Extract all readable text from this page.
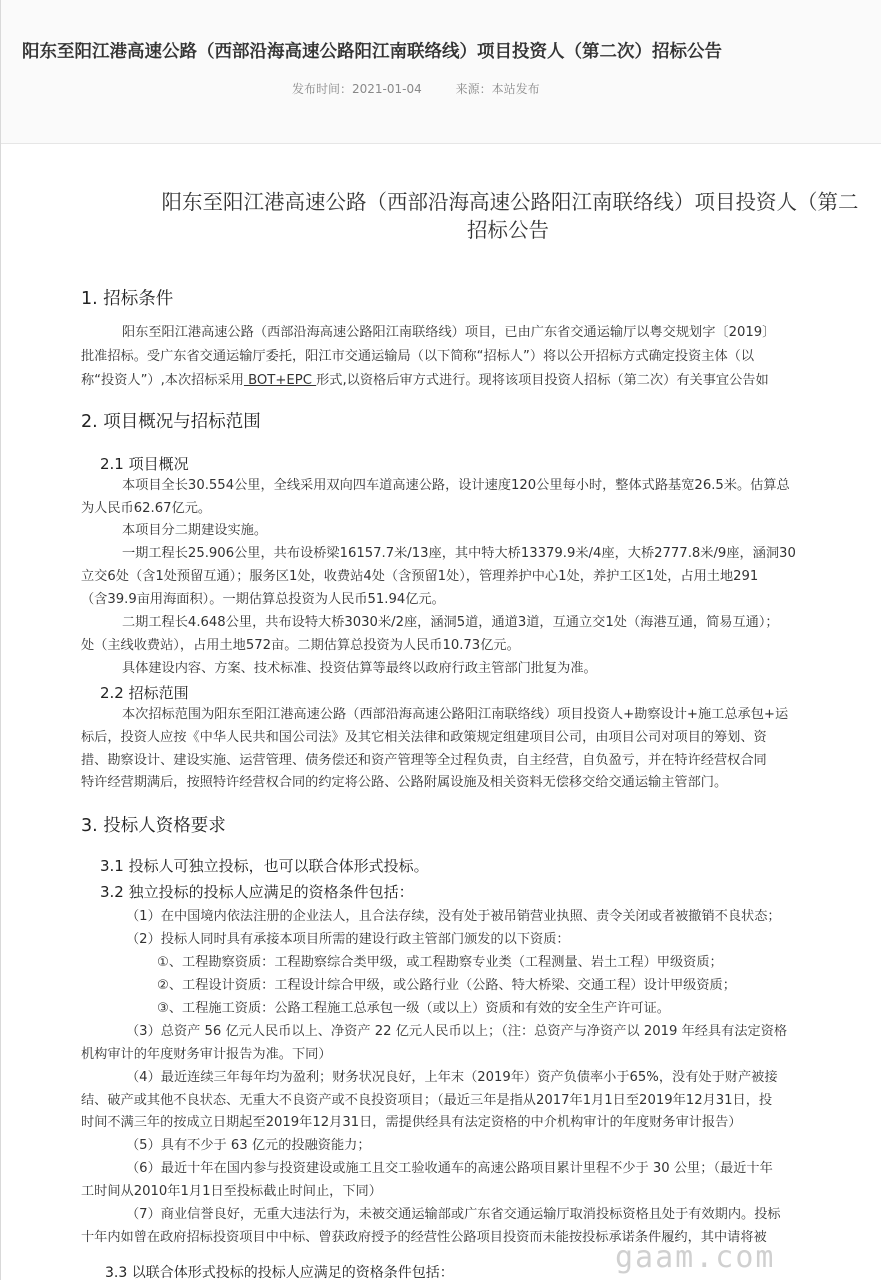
阳东至阳江港高速公路（西部沿海高速公路阳江南联络线）项目投资人（第二次）招标公告
发布时间：2021-01-04	来源：本站发布
阳东至阳江港高速公路（西部沿海高速公路阳江南联络线）项目投资人（第二
招标公告
1. 招标条件
阳东至阳江港高速公路（西部沿海高速公路阳江南联络线）项目，已由广东省交通运输厅以粤交规划字〔2019〕
批准招标。受广东省交通运输厅委托，阳江市交通运输局（以下简称“招标人”）将以公开招标方式确定投资主体（以
称“投资人”）,本次招标采用 BOT+EPC 形式,以资格后审方式进行。现将该项目投资人招标（第二次）有关事宜公告如
2. 项目概况与招标范围
2.1 项目概况
本项目全长30.554公里，全线采用双向四车道高速公路，设计速度120公里每小时，整体式路基宽26.5米。估算总
为人民币62.67亿元。
本项目分二期建设实施。
一期工程长25.906公里，共布设桥梁16157.7米/13座，其中特大桥13379.9米/4座，大桥2777.8米/9座，涵洞30
立交6处（含1处预留互通）；服务区1处，收费站4处（含预留1处），管理养护中心1处，养护工区1处，占用土地291
（含39.9亩用海面积）。一期估算总投资为人民币51.94亿元。
二期工程长4.648公里，共布设特大桥3030米/2座，涵洞5道，通道3道，互通立交1处（海港互通，简易互通）；
处（主线收费站），占用土地572亩。二期估算总投资为人民币10.73亿元。
具体建设内容、方案、技术标准、投资估算等最终以政府行政主管部门批复为准。
2.2 招标范围
本次招标范围为阳东至阳江港高速公路（西部沿海高速公路阳江南联络线）项目投资人+勘察设计+施工总承包+运
标后，投资人应按《中华人民共和国公司法》及其它相关法律和政策规定组建项目公司，由项目公司对项目的筹划、资
措、勘察设计、建设实施、运营管理、债务偿还和资产管理等全过程负责，自主经营，自负盈亏，并在特许经营权合同
特许经营期满后，按照特许经营权合同的约定将公路、公路附属设施及相关资料无偿移交给交通运输主管部门。
3. 投标人资格要求
3.1 投标人可独立投标，也可以联合体形式投标。
3.2 独立投标的投标人应满足的资格条件包括：
（1）在中国境内依法注册的企业法人，且合法存续，没有处于被吊销营业执照、责令关闭或者被撤销不良状态；
（2）投标人同时具有承接本项目所需的建设行政主管部门颁发的以下资质：
①、工程勘察资质：工程勘察综合类甲级，或工程勘察专业类（工程测量、岩土工程）甲级资质；
②、工程设计资质：工程设计综合甲级，或公路行业（公路、特大桥梁、交通工程）设计甲级资质；
③、工程施工资质：公路工程施工总承包一级（或以上）资质和有效的安全生产许可证。
（3）总资产 56 亿元人民币以上、净资产 22 亿元人民币以上；（注：总资产与净资产以 2019 年经具有法定资格
机构审计的年度财务审计报告为准。下同）
（4）最近连续三年每年均为盈利；财务状况良好，上年末（2019年）资产负债率小于65%，没有处于财产被接
结、破产或其他不良状态、无重大不良资产或不良投资项目；（最近三年是指从2017年1月1日至2019年12月31日，投
时间不满三年的按成立日期起至2019年12月31日，需提供经具有法定资格的中介机构审计的年度财务审计报告）
（5）具有不少于 63 亿元的投融资能力；
（6）最近十年在国内参与投资建设或施工且交工验收通车的高速公路项目累计里程不少于 30 公里；（最近十年
工时间从2010年1月1日至投标截止时间止，下同）
（7）商业信誉良好，无重大违法行为，未被交通运输部或广东省交通运输厅取消投标资格且处于有效期内。投标
十年内如曾在政府招标投资项目中中标、曾获政府授予的经营性公路项目投资而未能按投标承诺条件履约，其中请将被
3.3 以联合体形式投标的投标人应满足的资格条件包括：	gaam.com
